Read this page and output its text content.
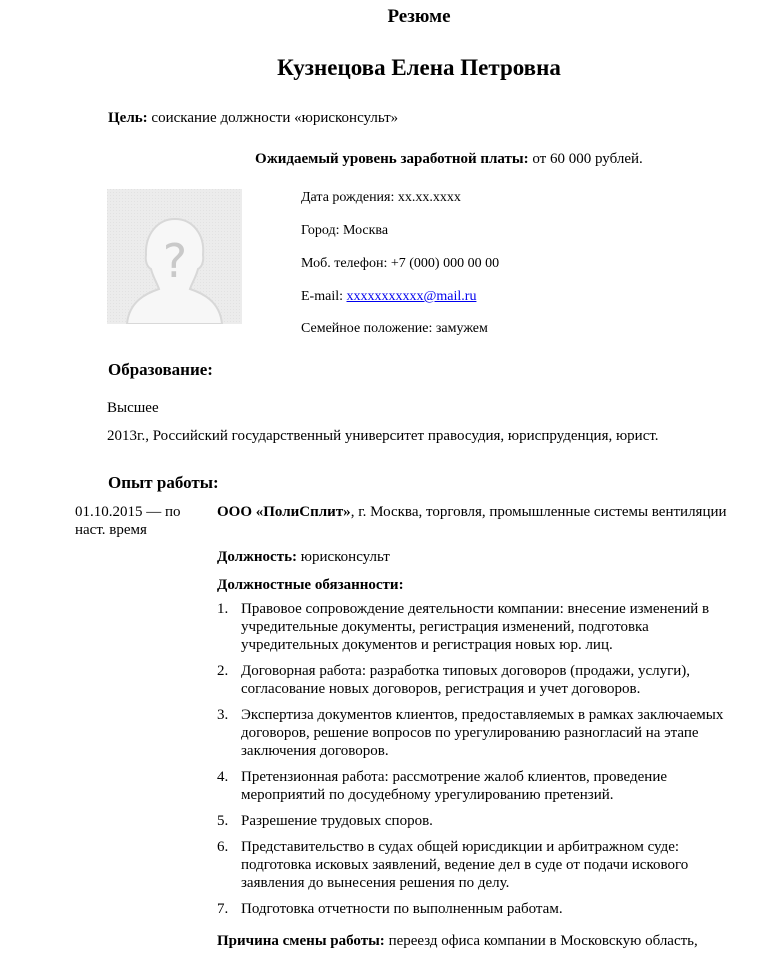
Резюме
Кузнецова Елена Петровна
Цель: соискание должности «юрисконсульт»
Ожидаемый уровень заработной платы: от 60 000 рублей.
?
Дата рождения: хх.хх.хххх
Город: Москва
Моб. телефон: +7 (000) 000 00 00
E-mail: xxxxxxxxxxx@mail.ru
Семейное положение: замужем
Образование:
Высшее
2013г., Российский государственный университет правосудия, юриспруденция, юрист.
Опыт работы:
01.10.2015 — по наст. время
ООО «ПолиСплит», г. Москва, торговля, промышленные системы вентиляции
Должность: юрисконсульт
Должностные обязанности:
1. Правовое сопровождение деятельности компании: внесение изменений в учредительные документы, регистрация изменений, подготовка учредительных документов и регистрация новых юр. лиц.
2. Договорная работа: разработка типовых договоров (продажи, услуги), согласование новых договоров, регистрация и учет договоров.
3. Экспертиза документов клиентов, предоставляемых в рамках заключаемых договоров, решение вопросов по урегулированию разногласий на этапе заключения договоров.
4. Претензионная работа: рассмотрение жалоб клиентов, проведение мероприятий по досудебному урегулированию претензий.
5. Разрешение трудовых споров.
6. Представительство в судах общей юрисдикции и арбитражном суде: подготовка исковых заявлений, ведение дел в суде от подачи искового заявления до вынесения решения по делу.
7. Подготовка отчетности по выполненным работам.
Причина смены работы: переезд офиса компании в Московскую область,
